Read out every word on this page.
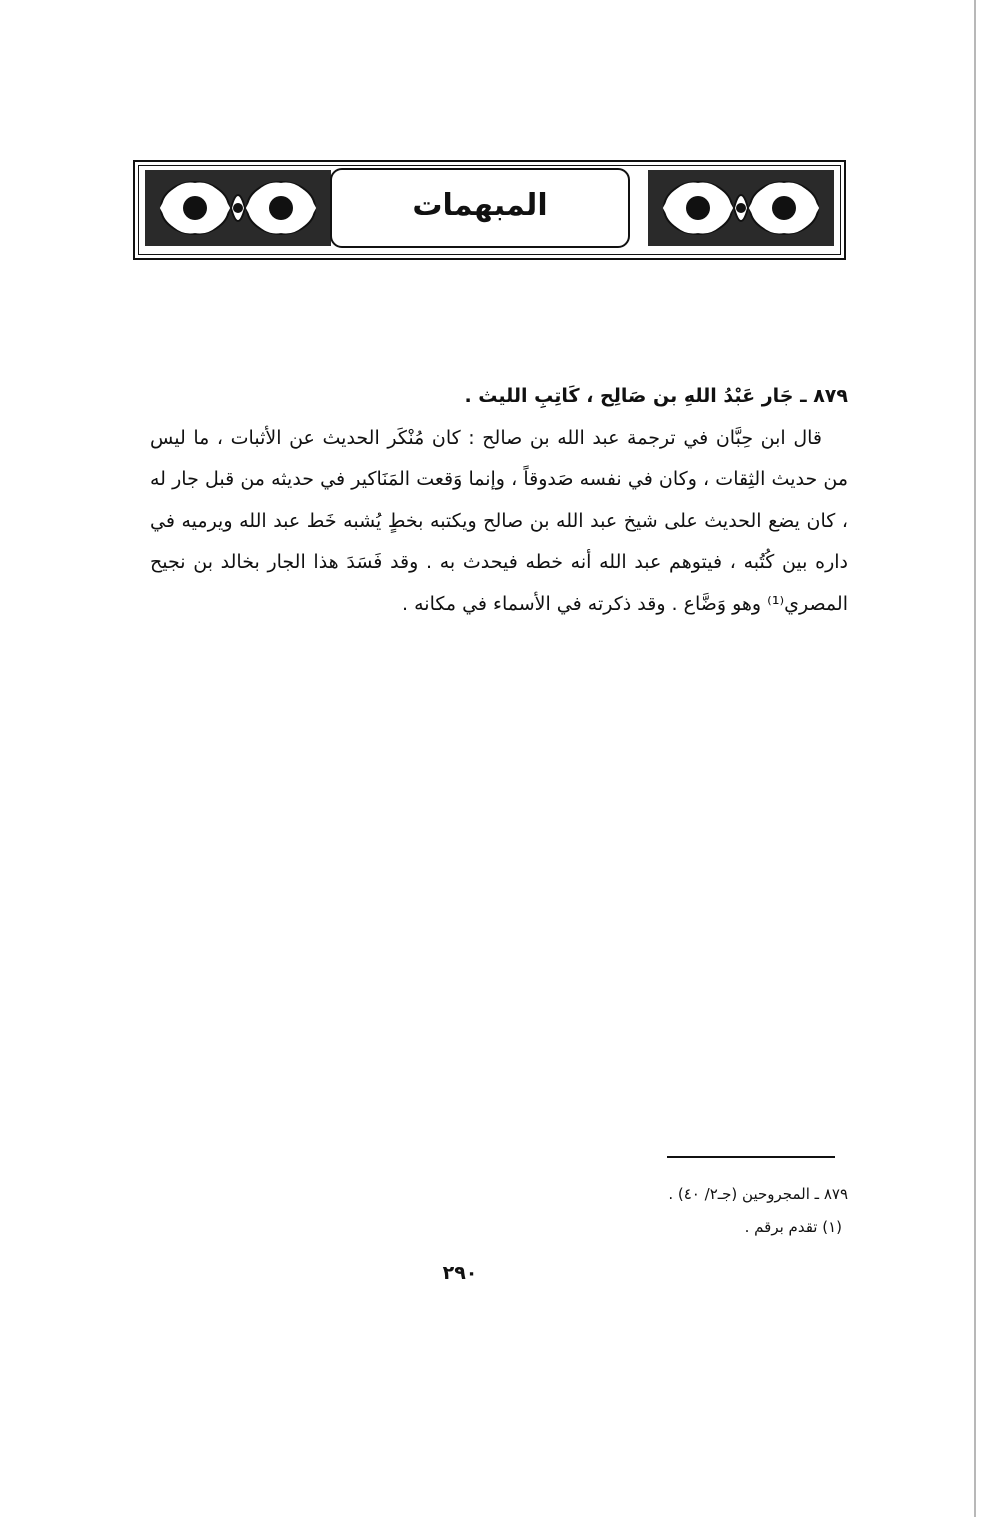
المبهمات

٨٧٩ ـ جَار عَبْدُ اللهِ بن صَالِح ، كَاتِبِ الليث .

قال ابن حِبَّان في ترجمة عبد الله بن صالح : كان مُنْكَر الحديث عن الأثبات ، ما ليس من حديث الثِقات ، وكان في نفسه صَدوقاً ، وإنما وَقعت المَنَاكير في حديثه من قبل جار له ، كان يضع الحديث على شيخ عبد الله بن صالح ويكتبه بخطٍ يُشبه خَط عبد الله ويرميه في داره بين كُتُبه ، فيتوهم عبد الله أنه خطه فيحدث به . وقد فَسَدَ هذا الجار بخالد بن نجيح المصري⁽¹⁾ وهو وَضَّاع . وقد ذكرته في الأسماء في مكانه .

٨٧٩ ـ المجروحين (جـ٢/ ٤٠) .

(١) تقدم برقم .

٢٩٠
